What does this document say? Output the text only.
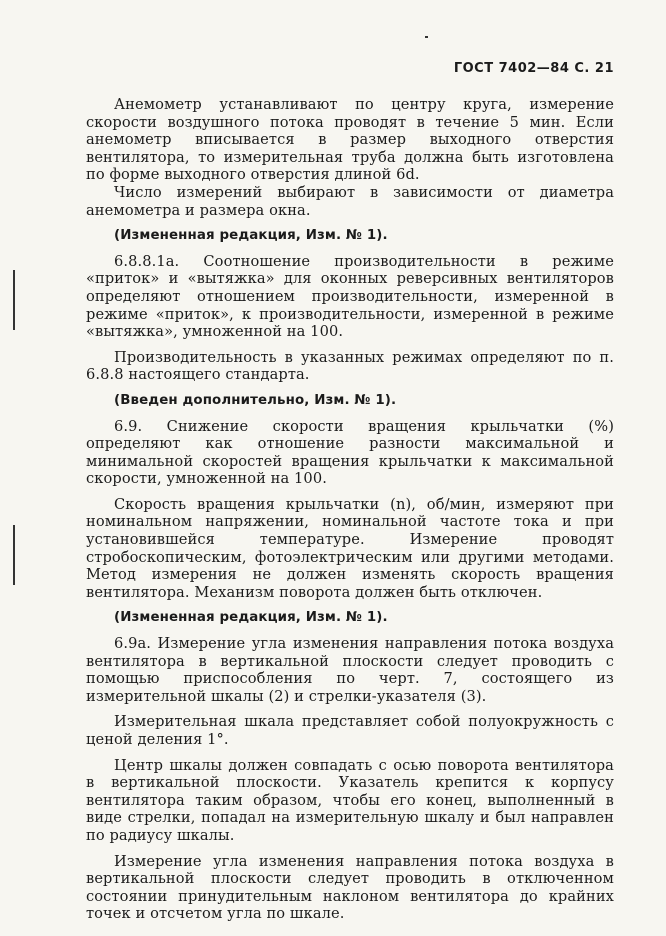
ГОСТ 7402—84 С. 21

Анемометр устанавливают по центру круга, измерение скорости воздушного потока проводят в течение 5 мин. Если анемометр вписывается в размер выходного отверстия вентилятора, то измерительная труба должна быть изготовлена по форме выходного отверстия длиной 6d.

Число измерений выбирают в зависимости от диаметра анемометра и размера окна.

(Измененная редакция, Изм. № 1).

6.8.8.1а. Соотношение производительности в режиме «приток» и «вытяжка» для оконных реверсивных вентиляторов определяют отношением производительности, измеренной в режиме «приток», к производительности, измеренной в режиме «вытяжка», умноженной на 100.

Производительность в указанных режимах определяют по п. 6.8.8 настоящего стандарта.

(Введен дополнительно, Изм. № 1).

6.9. Снижение скорости вращения крыльчатки (%) определяют как отношение разности максимальной и минимальной скоростей вращения крыльчатки к максимальной скорости, умноженной на 100.

Скорость вращения крыльчатки (n), об/мин, измеряют при номинальном напряжении, номинальной частоте тока и при установившейся температуре. Измерение проводят стробоскопическим, фотоэлектрическим или другими методами. Метод измерения не должен изменять скорость вращения вентилятора. Механизм поворота должен быть отключен.

(Измененная редакция, Изм. № 1).

6.9а. Измерение угла изменения направления потока воздуха вентилятора в вертикальной плоскости следует проводить с помощью приспособления по черт. 7, состоящего из измерительной шкалы (2) и стрелки-указателя (3).

Измерительная шкала представляет собой полуокружность с ценой деления 1°.

Центр шкалы должен совпадать с осью поворота вентилятора в вертикальной плоскости. Указатель крепится к корпусу вентилятора таким образом, чтобы его конец, выполненный в виде стрелки, попадал на измерительную шкалу и был направлен по радиусу шкалы.

Измерение угла изменения направления потока воздуха в вертикальной плоскости следует проводить в отключенном состоянии принудительным наклоном вентилятора до крайних точек и отсчетом угла по шкале.
